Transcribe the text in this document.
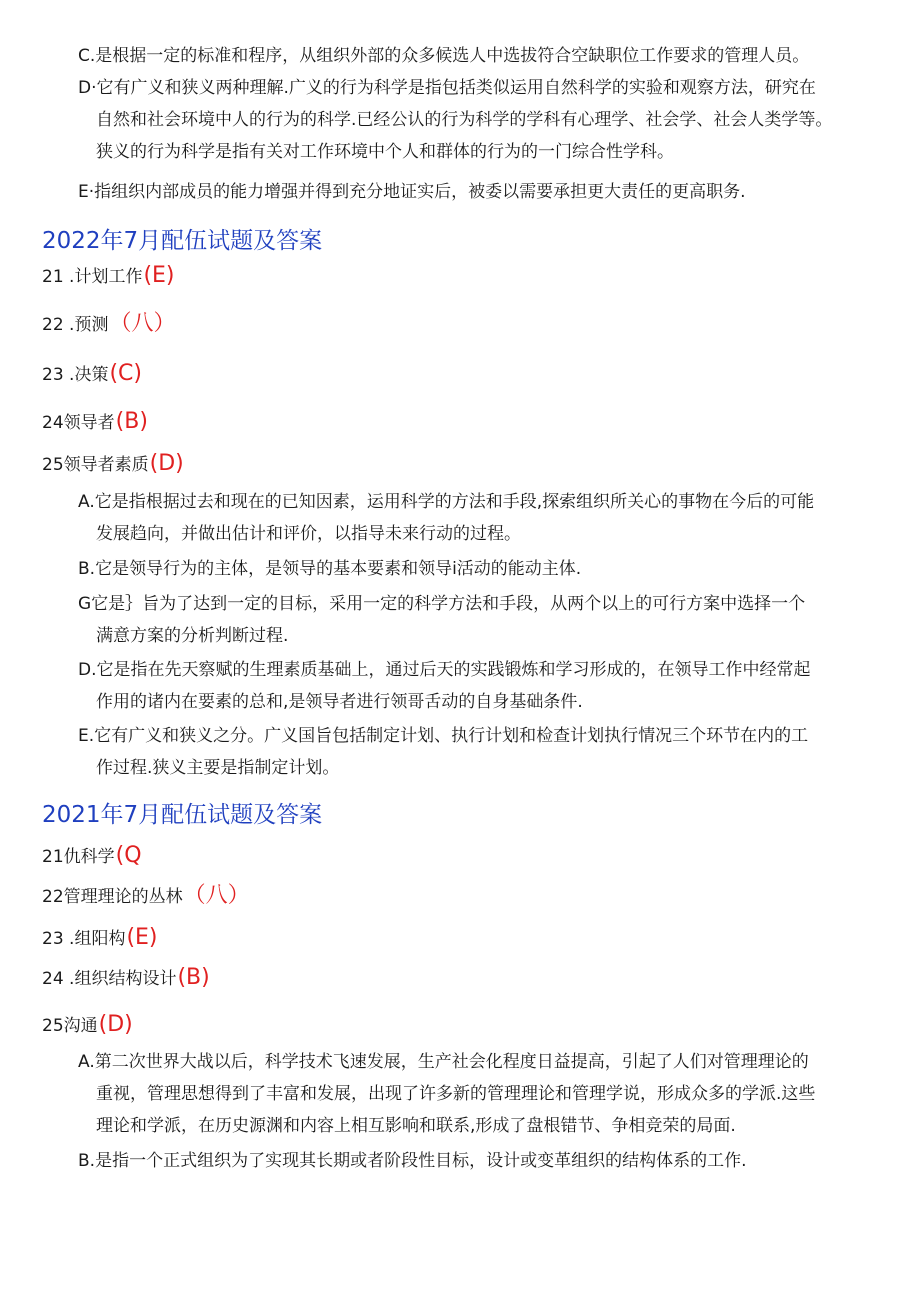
C.是根据一定的标准和程序，从组织外部的众多候选人中选拔符合空缺职位工作要求的管理人员。
D·它有广义和狭义两种理解.广义的行为科学是指包括类似运用自然科学的实验和观察方法，研究在
自然和社会环境中人的行为的科学.已经公认的行为科学的学科有心理学、社会学、社会人类学等。
狭义的行为科学是指有关对工作环境中个人和群体的行为的一门综合性学科。
E·指组织内部成员的能力增强并得到充分地证实后，被委以需要承担更大责任的更高职务.
2022年7月配伍试题及答案
21 .计划工作(E)
22 .预测（八）
23 .决策(C)
24领导者(B)
25领导者素质(D)
A.它是指根据过去和现在的已知因素，运用科学的方法和手段,探索组织所关心的事物在今后的可能
发展趋向，并做出估计和评价，以指导未来行动的过程。
B.它是领导行为的主体，是领导的基本要素和领导i活动的能动主体.
G它是｝旨为了达到一定的目标，采用一定的科学方法和手段，从两个以上的可行方案中选择一个
满意方案的分析判断过程.
D.它是指在先天察赋的生理素质基础上，通过后天的实践锻炼和学习形成的，在领导工作中经常起
作用的诸内在要素的总和,是领导者进行领哥舌动的自身基础条件.
E.它有广义和狭义之分。广义国旨包括制定计划、执行计划和检查计划执行情况三个环节在内的工
作过程.狭义主要是指制定计划。
2021年7月配伍试题及答案
21仇科学(Q
22管理理论的丛林（八）
23 .组阳构(E)
24 .组织结构设计(B)
25沟通(D)
A.第二次世界大战以后，科学技术飞速发展，生产社会化程度日益提高，引起了人们对管理理论的
重视，管理思想得到了丰富和发展，出现了许多新的管理理论和管理学说，形成众多的学派.这些
理论和学派，在历史源渊和内容上相互影响和联系,形成了盘根错节、争相竞荣的局面.
B.是指一个正式组织为了实现其长期或者阶段性目标，设计或变革组织的结构体系的工作.
